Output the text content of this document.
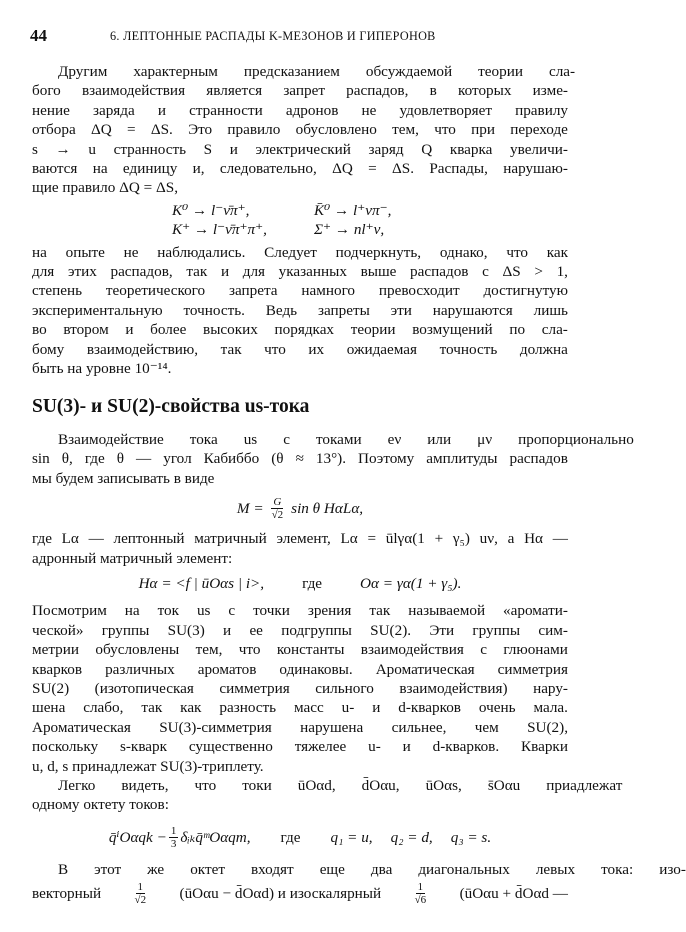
44	6. ЛЕПТОННЫЕ РАСПАДЫ K-МЕЗОНОВ И ГИПЕРОНОВ

Другим	характерным	предсказанием	обсуждаемой	теории	сла-

бого взаимодействия является запрет распадов, в которых изме-

нение заряда и странности адронов не удовлетворяет правилу

отбора ΔQ = ΔS. Это правило обусловлено тем, что при переходе

s → u странность S и электрический заряд Q кварка увеличи-

ваются на единицу и, следовательно, ΔQ = ΔS. Распады, нарушаю-

щие правило ΔQ = ΔS,

K⁰ → l⁻ν̄π⁺,	K̄⁰ → l⁺νπ⁻,
K⁺ → l⁻ν̄π⁺π⁺,	Σ⁺ → nl⁺ν,

на опыте не наблюдались. Следует подчеркнуть, однако, что как

для этих распадов, так и для указанных выше распадов с ΔS > 1,

степень теоретического запрета намного превосходит достигнутую

экспериментальную точность. Ведь запреты эти нарушаются лишь

во втором и более высоких порядках теории возмущений по сла-

бому взаимодействию, так что их ожидаемая точность должна

быть на уровне 10⁻¹⁴.

SU(3)- и SU(2)-свойства us-тока

Взаимодействие	тока	us	с	токами	eν	или	μν	пропорционально

sin θ, где θ — угол Кабиббо (θ ≈ 13°). Поэтому амплитуды распадов

мы будем записывать в виде

$M = \frac{G}{√2}$ sin θ HαLα,

где Lα — лептонный матричный элемент, Lα = ūlγα(1 + γ₅) uν, а Hα —

адронный матричный элемент:

Hα = <f | ūOαs | i>,	где	Oα = γα(1 + γ₅).

Посмотрим на ток us с точки зрения так называемой «аромати-

ческой» группы SU(3) и ее подгруппы SU(2). Эти группы сим-

метрии обусловлены тем, что константы взаимодействия с глюонами

кварков различных ароматов одинаковы. Ароматическая симметрия

SU(2) (изотопическая симметрия сильного взаимодействия) нару-

шена слабо, так как разность масс u- и d-кварков очень мала.

Ароматическая SU(3)-симметрия нарушена сильнее, чем SU(2),

поскольку s-кварк существенно тяжелее u- и d-кварков. Кварки

u, d, s принадлежат SU(3)-триплету.

Легко	видеть,	что	токи	ūOαd,	d̄Oαu,	ūOαs,	s̄Oαu	приадлежат

одному октету токов:

q̄ⁱOαqk − $\frac{1}{3}$ δᵢₖq̄ᵐOαqm, где q₁ = u, q₂ = d, q₃ = s.

В	этот	же	октет	входят	еще	два	диагональных	левых	тока:	изо-

векторный	$\frac{1}{√2}$ (ūOαu − d̄Oαd) и изоскалярный	$\frac{1}{√6}$ (ūOαu + d̄Oαd —
